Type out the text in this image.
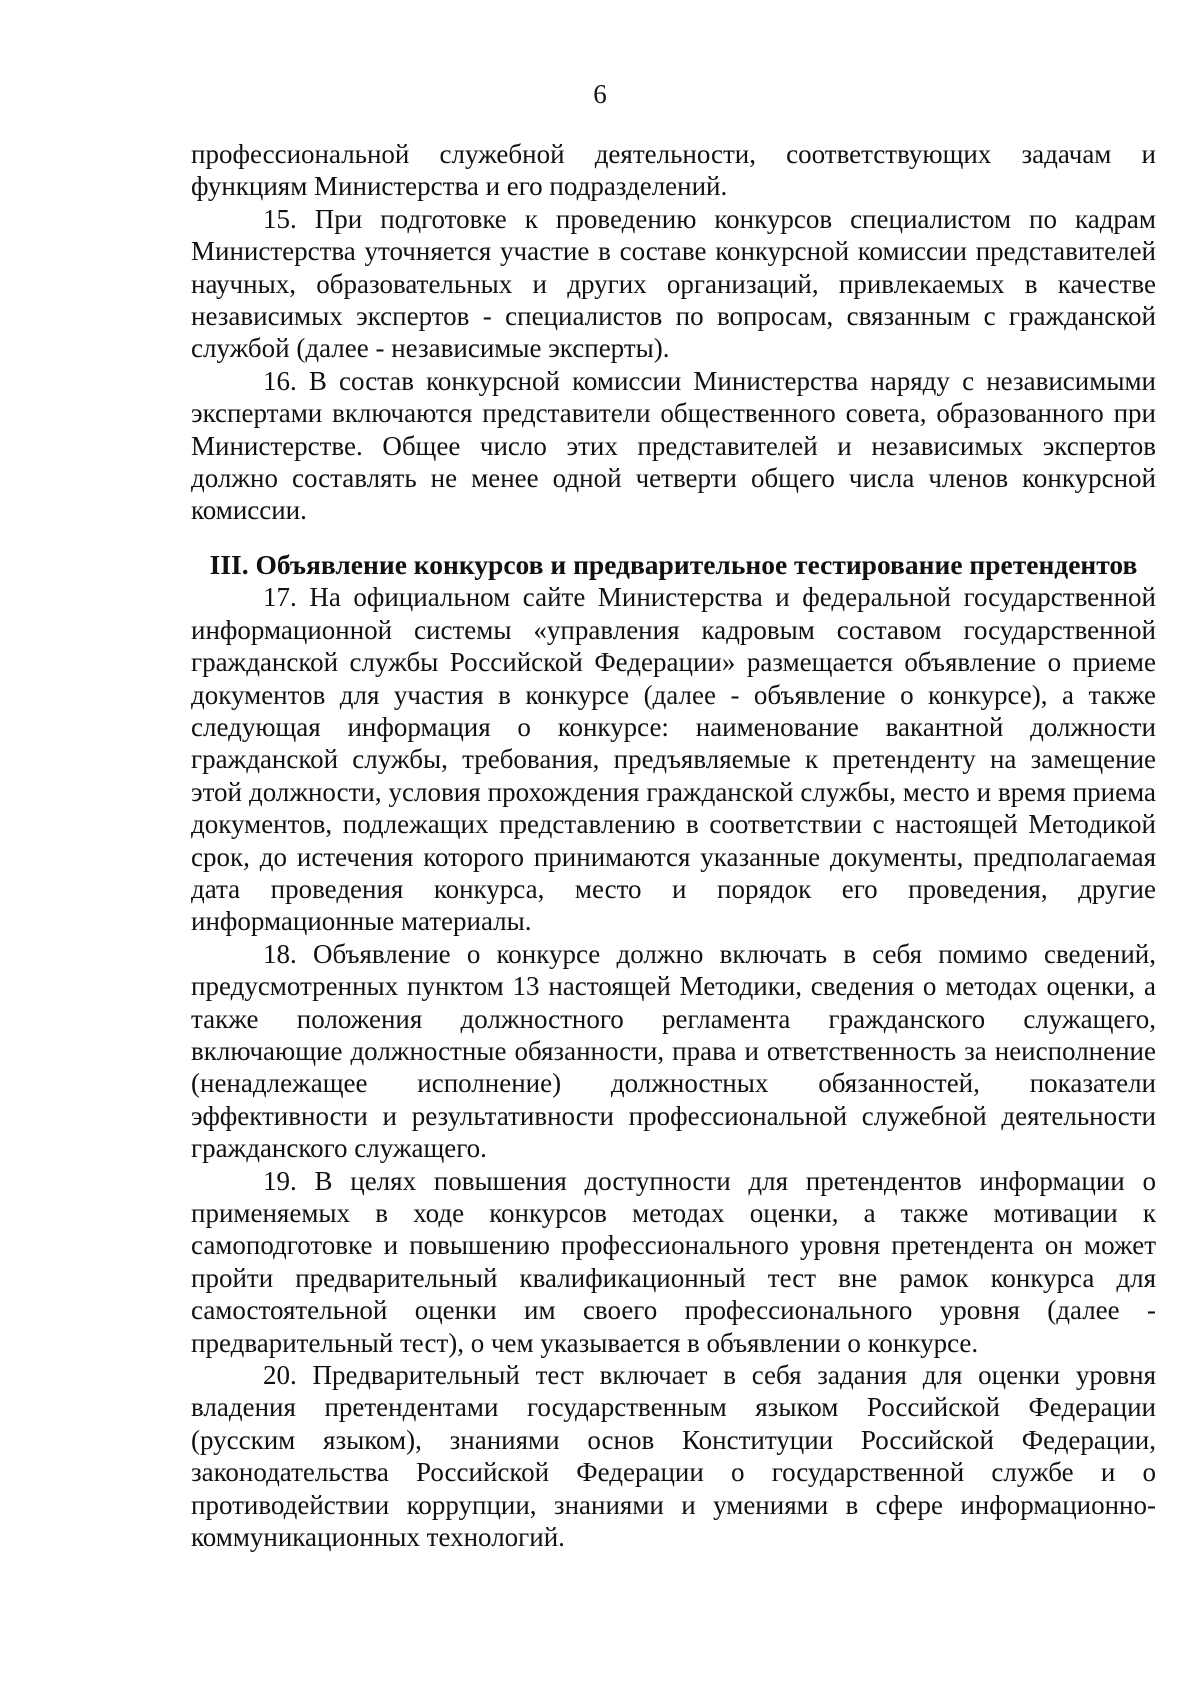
6

профессиональной служебной деятельности, соответствующих задачам и функциям Министерства и его подразделений.

15. При подготовке к проведению конкурсов специалистом по кадрам Министерства уточняется участие в составе конкурсной комиссии представителей научных, образовательных и других организаций, привлекаемых в качестве независимых экспертов - специалистов по вопросам, связанным с гражданской службой (далее - независимые эксперты).

16. В состав конкурсной комиссии Министерства наряду с независимыми экспертами включаются представители общественного совета, образованного при Министерстве. Общее число этих представителей и независимых экспертов должно составлять не менее одной четверти общего числа членов конкурсной комиссии.

III. Объявление конкурсов и предварительное тестирование претендентов

17. На официальном сайте Министерства и федеральной государственной информационной системы «управления кадровым составом государственной гражданской службы Российской Федерации» размещается объявление о приеме документов для участия в конкурсе (далее - объявление о конкурсе), а также следующая информация о конкурсе: наименование вакантной должности гражданской службы, требования, предъявляемые к претенденту на замещение этой должности, условия прохождения гражданской службы, место и время приема документов, подлежащих представлению в соответствии с настоящей Методикой срок, до истечения которого принимаются указанные документы, предполагаемая дата проведения конкурса, место и порядок его проведения, другие информационные материалы.

18. Объявление о конкурсе должно включать в себя помимо сведений, предусмотренных пунктом 13 настоящей Методики, сведения о методах оценки, а также положения должностного регламента гражданского служащего, включающие должностные обязанности, права и ответственность за неисполнение (ненадлежащее исполнение) должностных обязанностей, показатели эффективности и результативности профессиональной служебной деятельности гражданского служащего.

19. В целях повышения доступности для претендентов информации о применяемых в ходе конкурсов методах оценки, а также мотивации к самоподготовке и повышению профессионального уровня претендента он может пройти предварительный квалификационный тест вне рамок конкурса для самостоятельной оценки им своего профессионального уровня (далее - предварительный тест), о чем указывается в объявлении о конкурсе.

20. Предварительный тест включает в себя задания для оценки уровня владения претендентами государственным языком Российской Федерации (русским языком), знаниями основ Конституции Российской Федерации, законодательства Российской Федерации о государственной службе и о противодействии коррупции, знаниями и умениями в сфере информационно-коммуникационных технологий.
